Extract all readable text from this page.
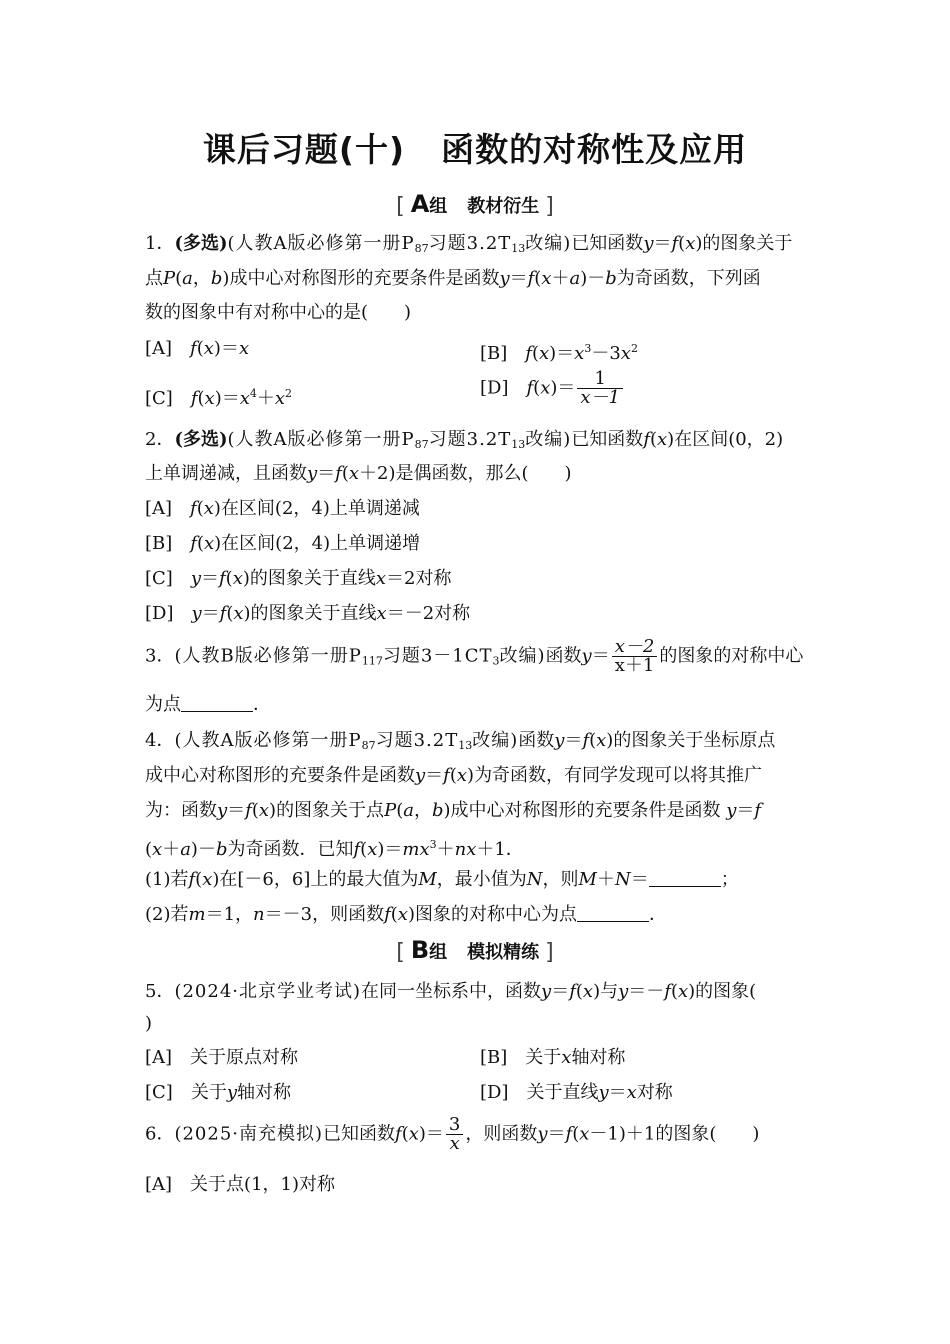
课后习题(十) 函数的对称性及应用
[ A组 教材衍生 ]
1．(多选)(人教A版必修第一册$P_{87}$习题$3.2T_{13}$改编)已知函数y＝f(x)的图象关于
点P(a，b)成中心对称图形的充要条件是函数y＝f(x＋a)－b为奇函数，下列函
数的图象中有对称中心的是(　　)
[A]　 f(x)＝x	[B]　 $f(x)=x^3-3x^2$
[C]　 $f(x)=x^4+x^2$	[D]　 $f(x)= \frac{1}{x-1}$
2．(多选)(人教A版必修第一册$P_{87}$习题$3.2T_{13}$改编)已知函数f(x)在区间(0，2)
上单调递减，且函数y＝f(x＋2)是偶函数，那么(　　)
[A]　 f(x)在区间(2，4)上单调递减
[B]　 f(x)在区间(2，4)上单调递增
[C]　 y＝f(x)的图象关于直线x＝2对称
[D]　 y＝f(x)的图象关于直线x＝－2对称
3．(人教B版必修第一册$P_{117}$习题$3-1CT_3$改编)函数$y= \frac{x-2}{x+1}$ 的图象的对称中心
为点	．
4．(人教A版必修第一册$P_{87}$习题$3.2T_{13}$改编)函数y＝f(x)的图象关于坐标原点
成中心对称图形的充要条件是函数y＝f(x)为奇函数，有同学发现可以将其推广
为：函数y＝f(x)的图象关于点P(a，b)成中心对称图形的充要条件是函数 y＝f
(x＋a)－b为奇函数．已知$f(x)=mx^3+nx+1$．
(1)若f(x)在[－6，6]上的最大值为M，最小值为N，则M＋N＝	；
(2)若m＝1，n＝－3，则函数f(x)图象的对称中心为点	．
[ B组 模拟精练 ]
5．(2024·北京学业考试)在同一坐标系中，函数y＝f(x)与y＝－f(x)的图象(
)
[A]　 关于原点对称	[B]　 关于x轴对称
[C]　 关于y轴对称	[D]　 关于直线y＝x对称
6．(2025·南充模拟)已知函数$f(x)= \frac{3}{x}$ ，则函数y＝f(x－1)＋1的图象(　　)
[A]　 关于点(1，1)对称
